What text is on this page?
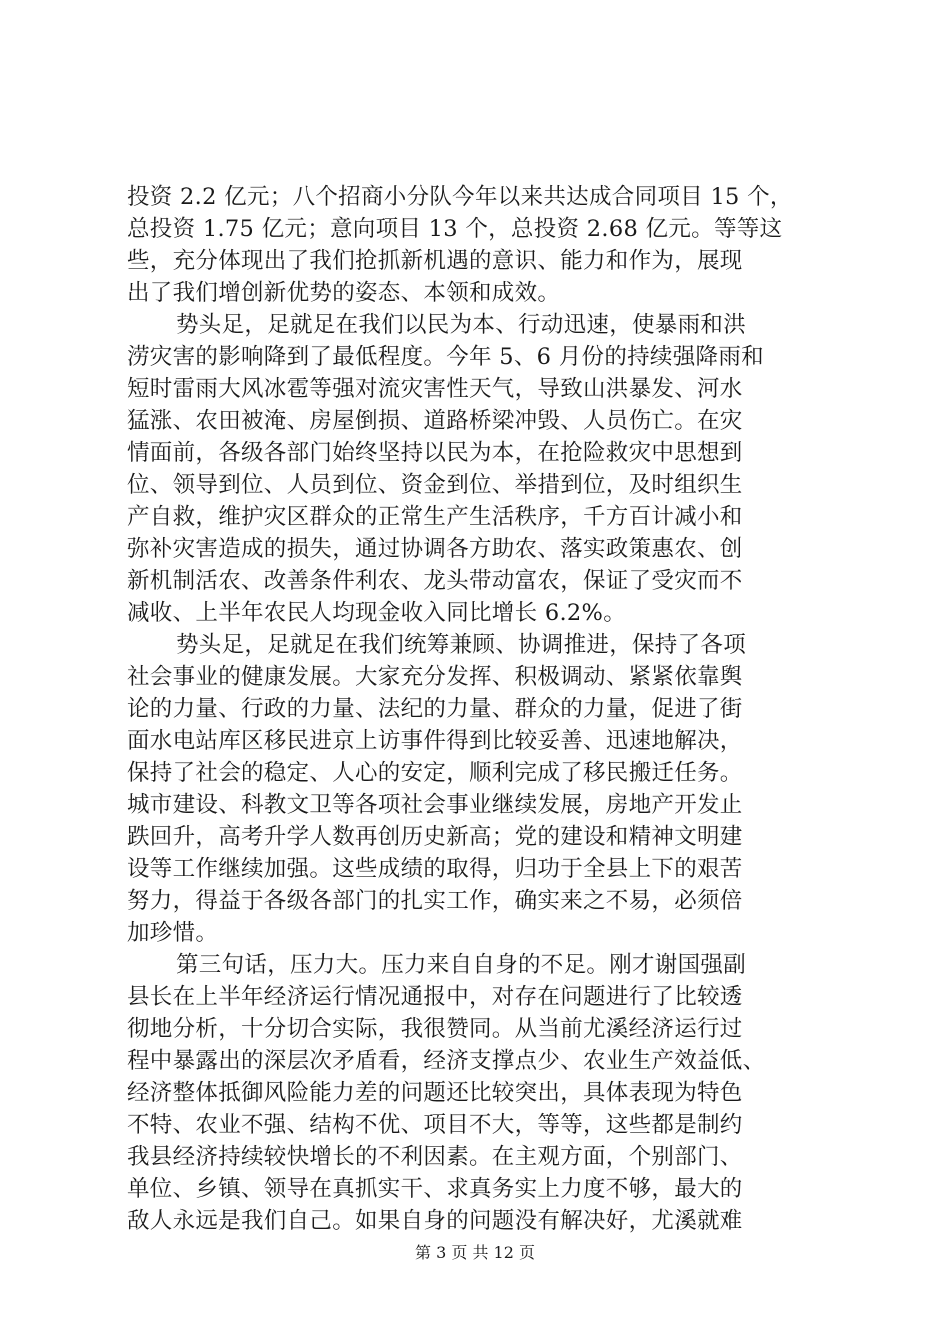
投资 2.2 亿元；八个招商小分队今年以来共达成合同项目 15 个，
总投资 1.75 亿元；意向项目 13 个，总投资 2.68 亿元。等等这
些，充分体现出了我们抢抓新机遇的意识、能力和作为，展现
出了我们增创新优势的姿态、本领和成效。
势头足，足就足在我们以民为本、行动迅速，使暴雨和洪
涝灾害的影响降到了最低程度。今年 5、6 月份的持续强降雨和
短时雷雨大风冰雹等强对流灾害性天气，导致山洪暴发、河水
猛涨、农田被淹、房屋倒损、道路桥梁冲毁、人员伤亡。在灾
情面前，各级各部门始终坚持以民为本，在抢险救灾中思想到
位、领导到位、人员到位、资金到位、举措到位，及时组织生
产自救，维护灾区群众的正常生产生活秩序，千方百计减小和
弥补灾害造成的损失，通过协调各方助农、落实政策惠农、创
新机制活农、改善条件利农、龙头带动富农，保证了受灾而不
减收、上半年农民人均现金收入同比增长 6.2%。
势头足，足就足在我们统筹兼顾、协调推进，保持了各项
社会事业的健康发展。大家充分发挥、积极调动、紧紧依靠舆
论的力量、行政的力量、法纪的力量、群众的力量，促进了街
面水电站库区移民进京上访事件得到比较妥善、迅速地解决，
保持了社会的稳定、人心的安定，顺利完成了移民搬迁任务。
城市建设、科教文卫等各项社会事业继续发展，房地产开发止
跌回升，高考升学人数再创历史新高；党的建设和精神文明建
设等工作继续加强。这些成绩的取得，归功于全县上下的艰苦
努力，得益于各级各部门的扎实工作，确实来之不易，必须倍
加珍惜。
第三句话，压力大。压力来自自身的不足。刚才谢国强副
县长在上半年经济运行情况通报中，对存在问题进行了比较透
彻地分析，十分切合实际，我很赞同。从当前尤溪经济运行过
程中暴露出的深层次矛盾看，经济支撑点少、农业生产效益低、
经济整体抵御风险能力差的问题还比较突出，具体表现为特色
不特、农业不强、结构不优、项目不大，等等，这些都是制约
我县经济持续较快增长的不利因素。在主观方面，个别部门、
单位、乡镇、领导在真抓实干、求真务实上力度不够，最大的
敌人永远是我们自己。如果自身的问题没有解决好，尤溪就难
第 3 页 共 12 页
